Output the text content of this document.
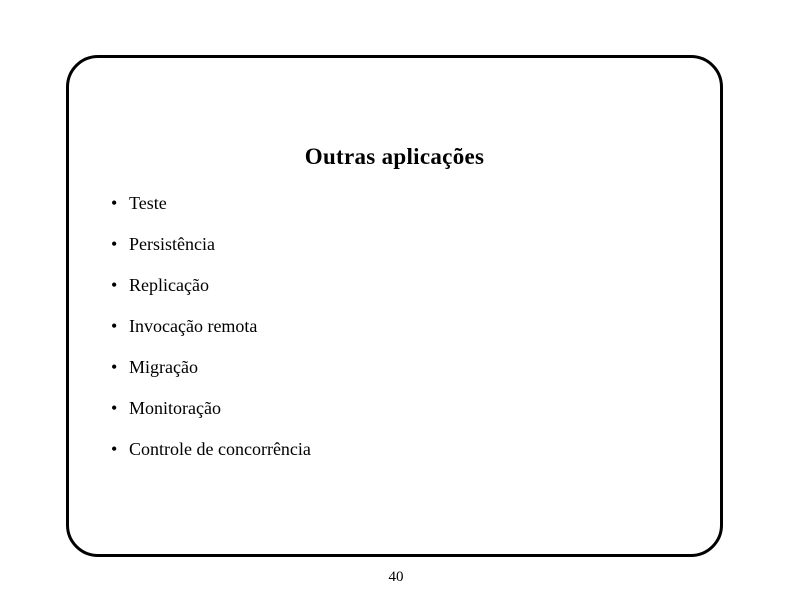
Outras aplicações
• Teste
• Persistência
• Replicação
• Invocação remota
• Migração
• Monitoração
• Controle de concorrência
40
